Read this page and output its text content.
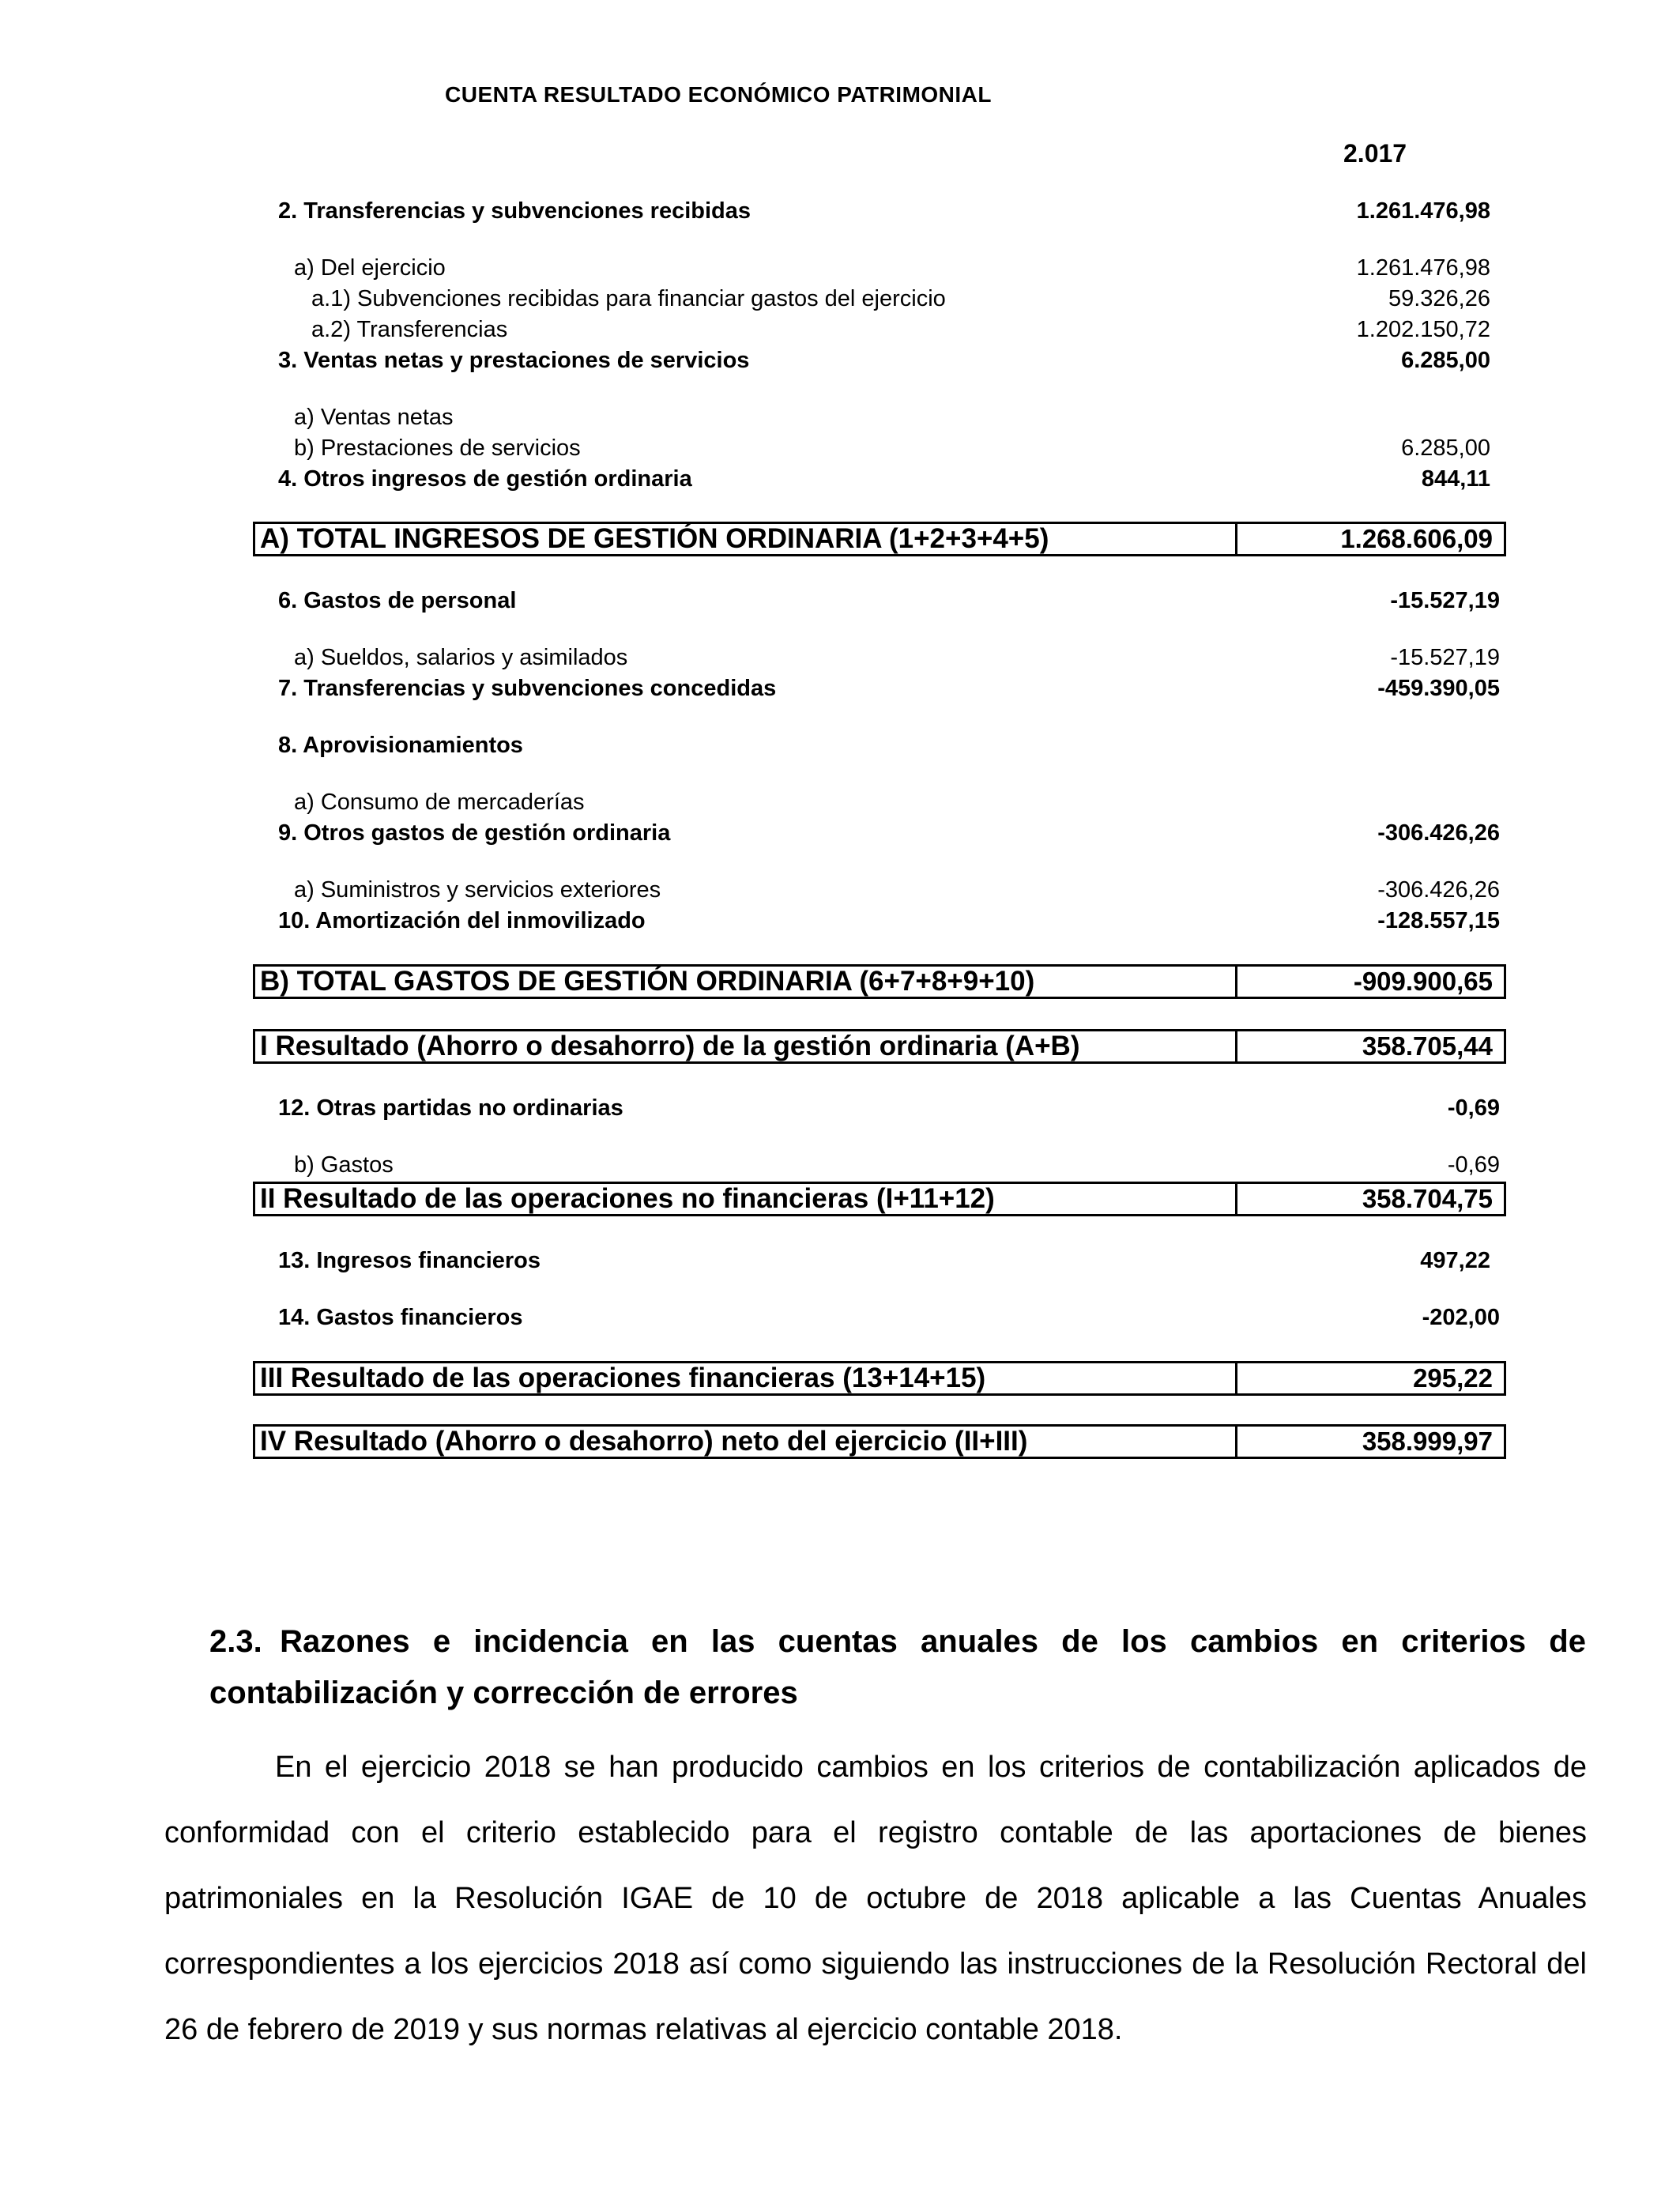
CUENTA RESULTADO ECONÓMICO PATRIMONIAL
2.017
2. Transferencias y subvenciones recibidas	1.261.476,98
a) Del ejercicio	1.261.476,98
a.1) Subvenciones recibidas para financiar gastos del ejercicio	59.326,26
a.2) Transferencias	1.202.150,72
3. Ventas netas y prestaciones de servicios	6.285,00
a) Ventas netas
b) Prestaciones de servicios	6.285,00
4. Otros ingresos de gestión ordinaria	844,11
A) TOTAL INGRESOS DE GESTIÓN ORDINARIA (1+2+3+4+5)	1.268.606,09
6. Gastos de personal	-15.527,19
a) Sueldos, salarios y asimilados	-15.527,19
7. Transferencias y subvenciones concedidas	-459.390,05
8. Aprovisionamientos
a) Consumo de mercaderías
9. Otros gastos de gestión ordinaria	-306.426,26
a) Suministros y servicios exteriores	-306.426,26
10. Amortización del inmovilizado	-128.557,15
B) TOTAL GASTOS DE GESTIÓN ORDINARIA (6+7+8+9+10)	-909.900,65
I Resultado (Ahorro o desahorro) de la gestión ordinaria (A+B)	358.705,44
12. Otras partidas no ordinarias	-0,69
b) Gastos	-0,69
II Resultado de las operaciones no financieras (I+11+12)	358.704,75
13. Ingresos financieros	497,22
14. Gastos financieros	-202,00
III Resultado de las operaciones financieras (13+14+15)	295,22
IV Resultado (Ahorro o desahorro) neto del ejercicio (II+III)	358.999,97
2.3. Razones e incidencia en las cuentas anuales de los cambios en criterios de contabilización y corrección de errores
En el ejercicio 2018 se han producido cambios en los criterios de contabilización aplicados de conformidad con el criterio establecido para el registro contable de las aportaciones de bienes patrimoniales en la Resolución IGAE de 10 de octubre de 2018 aplicable a las Cuentas Anuales correspondientes a los ejercicios 2018 así como siguiendo las instrucciones de la Resolución Rectoral del 26 de febrero de 2019 y sus normas relativas al ejercicio contable 2018.
